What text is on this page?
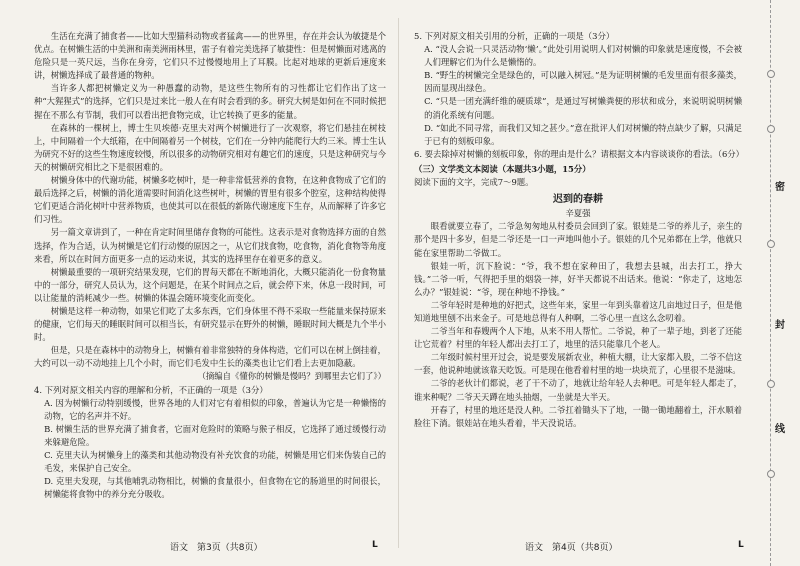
生活在充满了捕食者——比如大型猫科动物或者猛禽——的世界里，存在并会认为敏捷是个优点。在树懒生活的中美洲和南美洲雨林里，雷子有着完美选择了敏捷性：但是树懒面对逃离的危险只是一英尺远，当你在身旁，它们只不过慢慢地用上了耳膜。比起对地球的更新后速度来讲，树懒选择成了最普通的物种。

当许多人都把树懒定义为一种愚蠢的动物，是这些生物所有的习性都让它们作出了这一种“大猩猩式”的选择，它们只是过来比一般人在有时会看到的多。研究大树是如何在不同时候把握在不那么有节制，我们可以看出把食物完成，让它转换了更多的能量。

在森林的一棵树上，博士生贝埃德·克里夫对两个树懒进行了一次观察，将它们悬挂在树枝上，中间隔着一个大纸箱，在中间隔着另一个树枝，它们在一分钟内能爬行大约三米。博士生认为研究不好的这些生物速度较慢，所以很多的动物研究相对有趣它们的速度，只是这种研究与今天的树懒研究相比之下是很困难的。

树懒身体中的代谢功能，树懒多吃树叶，是一种非常低营养的食物，在这种食物成了它们的最后选择之后，树懒的消化道需要时间消化这些树叶，树懒的胃里有很多个腔室，这种结构使得它们更适合消化树叶中营养物质，也使其可以在很低的新陈代谢速度下生存，从而解释了许多它们习性。

另一篇文章讲到了，一种在肯定时间里储存食物的可能性。这表示是对食物选择方面的自然选择，作为合适，认为树懒是它们行动慢的原因之一，从它们找食物，吃食物，消化食物等角度来看，所以在时间方面更多一点的运动来说，其实的选择里存在着更多的意义。

树懒最重要的一项研究结果发现，它们的胃每天都在不断地消化，大概只能消化一份食物量中的一部分，研究人员认为，这个问题是，在某个时间点之后，就会停下来，休息一段时间，可以让能量的消耗减少一些。树懒的体温会随环境变化而变化。

树懒是这样一种动物，如果它们吃了太多东西，它们身体里不得不采取一些能量来保持原来的健康，它们每天的睡眠时间可以相当长，有研究显示在野外的树懒，睡眠时间大概是九个半小时。

但是，只是在森林中的动物身上，树懒有着非常独特的身体构造，它们可以在树上倒挂着，大约可以一动不动地挂上几个小时，而它们毛发中生长的藻类也让它们看上去更加隐蔽。

（摘编自《懂你的树懒是慢吗？到哪里去它们了》）

4. 下列对原文相关内容的理解和分析，不正确的一项是（3分）

A. 因为树懒行动特别缓慢，世界各地的人们对它有着相似的印象，普遍认为它是一种懒惰的动物，它的名声并不好。

B. 树懒生活的世界充满了捕食者，它面对危险时的策略与猴子相反，它选择了通过缓慢行动来躲避危险。

C. 克里夫认为树懒身上的藻类和其他动物没有补充饮食的功能，树懒是用它们来伪装自己的毛发，来保护自己安全。

D. 克里夫发现，与其他哺乳动物相比，树懒的食量很小，但食物在它的肠道里的时间很长，树懒能将食物中的养分充分吸收。

5. 下列对原文相关引用的分析，正确的一项是（3分）

A. “没人会说一只灵活动物‘懒’。”此处引用说明人们对树懒的印象就是速度慢，不会被人们理解它们为什么是懒惰的。

B. “野生的树懒完全是绿色的，可以融入树冠。”是为证明树懒的毛发里面有很多藻类，因而显现出绿色。

C. “只是一团充满纤维的硬质球”，是通过写树懒粪便的形状和成分，来说明说明树懒的消化系统有问题。

D. “如此不同寻常，而我们又知之甚少。”意在批评人们对树懒的特点缺少了解，只满足于已有的刻板印象。

6. 要去除掉对树懒的刻板印象，你的理由是什么？请根据文本内容谈谈你的看法。（6分）

（三）文学类文本阅读（本题共3小题，15分）

阅读下面的文字，完成7～9题。

迟到的春耕

辛夏强

眼看就要立春了，二爷急匆匆地从村委员会回到了家。银娃是二爷的养儿子，亲生的那个是四十多岁，但是二爷还是一口一声地叫他小子。银娃的几个兄弟都在上学，他就只能在家里帮助二爷做工。

银娃一听，沉下脸说：“爷，我不想在家种田了，我想去县城，出去打工，挣大钱。”二爷一听，气得把手里的烟袋一摔，好半天都说不出话来。他说：“你走了，这地怎么办？”银娃说：“爷，现在种地不挣钱。”

二爷年轻时是种地的好把式，这些年来，家里一年到头靠着这几亩地过日子，但是他知道地里刨不出来金子。可是地总得有人种啊，二爷心里一直这么念叨着。

二爷当年和春嫂两个人下地，从来不用人帮忙。二爷说，种了一辈子地，到老了还能让它荒着？村里的年轻人都出去打工了，地里的活只能靠几个老人。

二年级时候村里开过会，说是要发展新农业，种植大棚，让大家都入股，二爷不信这一套，他说种地就该靠天吃饭。可是现在他看着村里的地一块块荒了，心里很不是滋味。

二爷的老伙计们都说，老了干不动了，地就让给年轻人去种吧。可是年轻人都走了，谁来种呢？二爷天天蹲在地头抽烟，一坐就是大半天。

开春了，村里的地还是没人种。二爷扛着锄头下了地，一锄一锄地翻着土，汗水顺着脸往下淌。银娃站在地头看着，半天没说话。

语文　第3页（共8页）	L	语文　第4页（共8页）	L
密
封
线
